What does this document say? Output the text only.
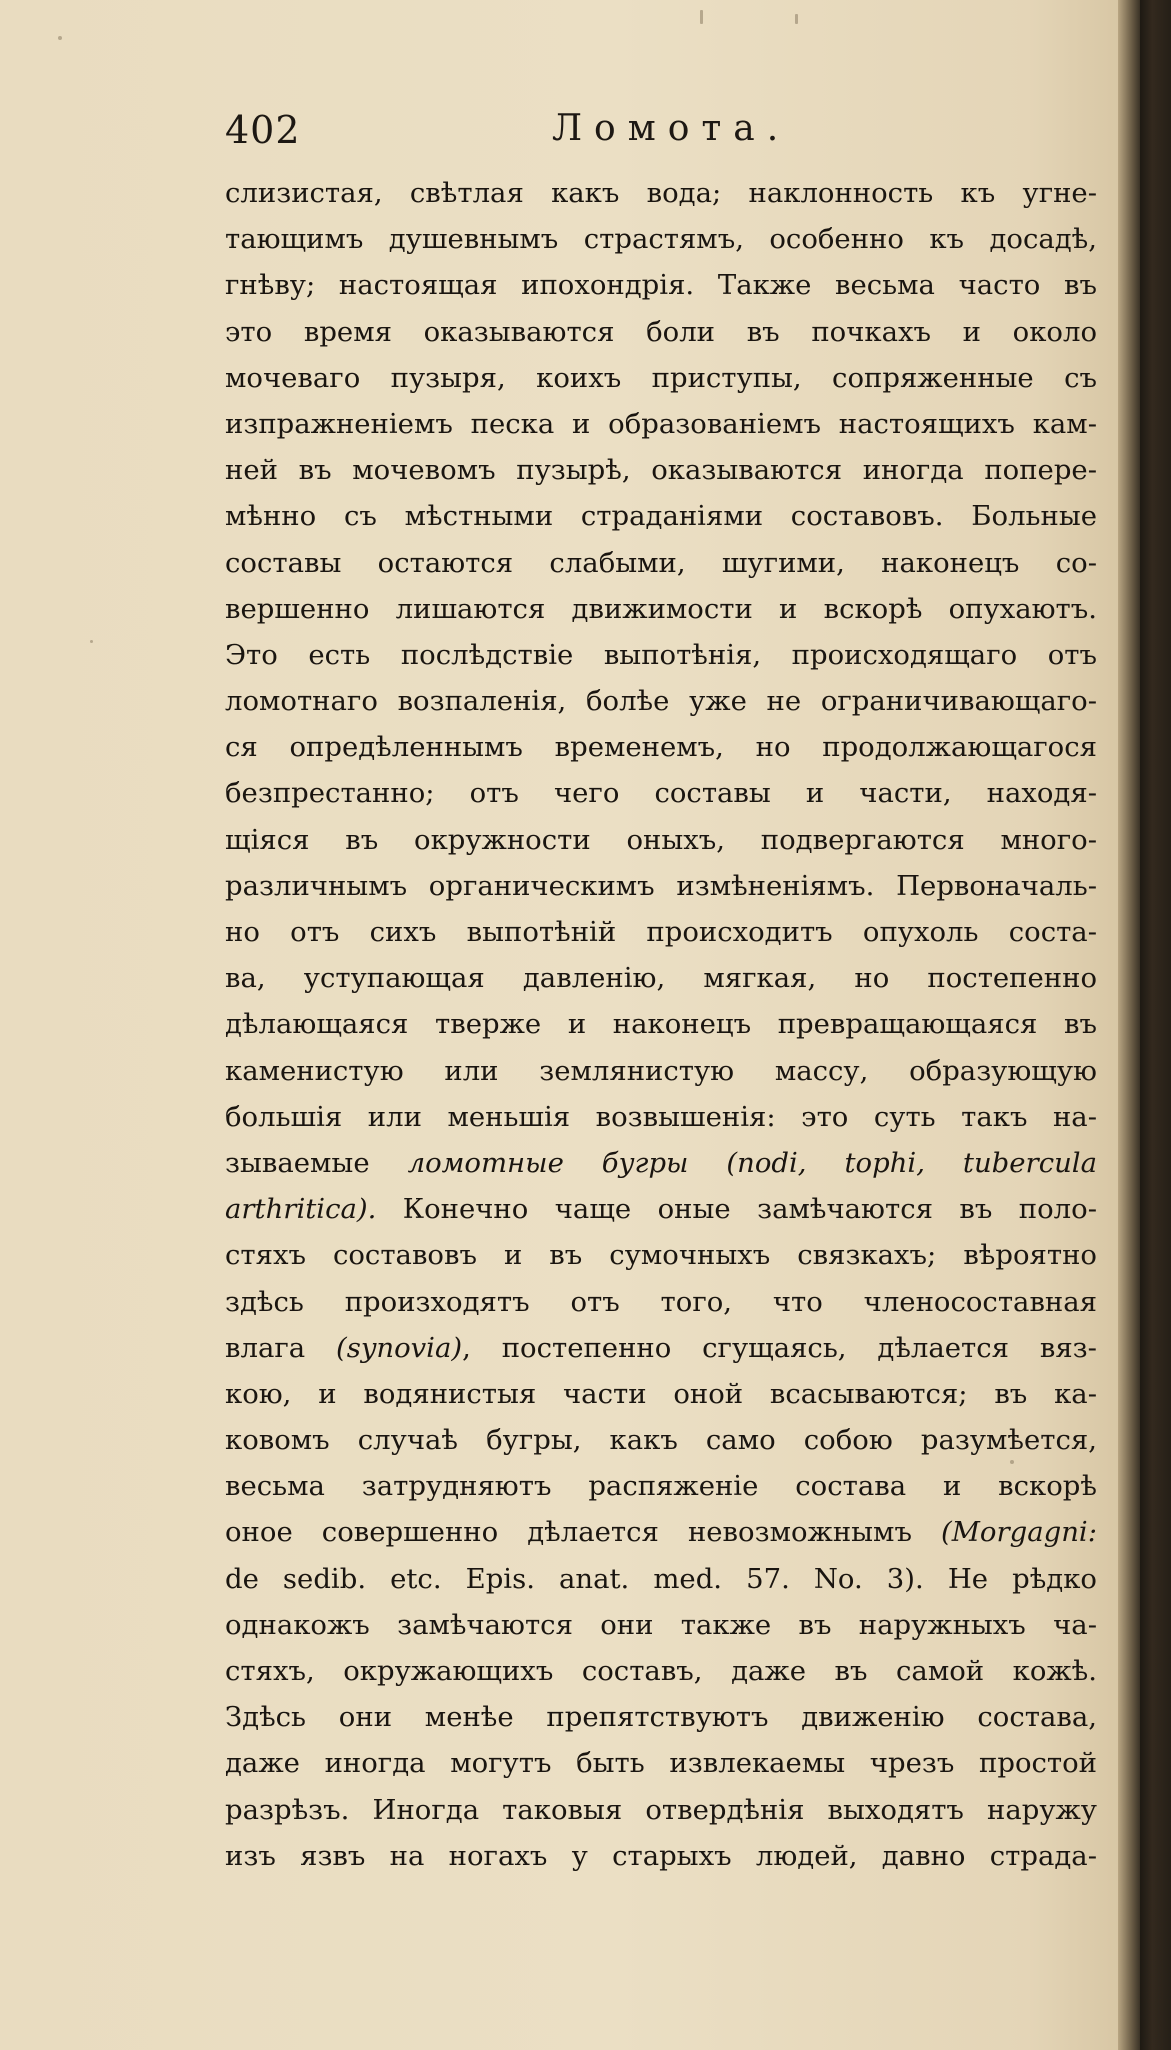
402	Ломота.
слизистая, свѣтлая какъ вода; наклонность къ угне-
тающимъ душевнымъ страстямъ, особенно къ досадѣ,
гнѣву; настоящая ипохондрія. Также весьма часто въ
это время оказываются боли въ почкахъ и около
мочеваго пузыря, коихъ приступы, сопряженные съ
изпражненіемъ песка и образованіемъ настоящихъ кам-
ней въ мочевомъ пузырѣ, оказываются иногда попере-
мѣнно съ мѣстными страданіями составовъ. Больные
составы остаются слабыми, шугими, наконецъ со-
вершенно лишаются движимости и вскорѣ опухаютъ.
Это есть послѣдствіе выпотѣнія, происходящаго отъ
ломотнаго возпаленія, болѣе уже не ограничивающаго-
ся опредѣленнымъ временемъ, но продолжающагося
безпрестанно; отъ чего составы и части, находя-
щіяся въ окружности оныхъ, подвергаются много-
различнымъ органическимъ измѣненіямъ. Первоначаль-
но отъ сихъ выпотѣній происходитъ опухоль соста-
ва, уступающая давленію, мягкая, но постепенно
дѣлающаяся тверже и наконецъ превращающаяся въ
каменистую или землянистую массу, образующую
большія или меньшія возвышенія: это суть такъ на-
зываемые ломотные бугры (nodi, tophi, tubercula
arthritica). Конечно чаще оные замѣчаются въ поло-
стяхъ составовъ и въ сумочныхъ связкахъ; вѣроятно
здѣсь произходятъ отъ того, что членосоставная
влага (synovia), постепенно сгущаясь, дѣлается вяз-
кою, и водянистыя части оной всасываются; въ ка-
ковомъ случаѣ бугры, какъ само собою разумѣется,
весьма затрудняютъ распяженіе состава и вскорѣ
оное совершенно дѣлается невозможнымъ (Morgagni:
de sedib. etc. Epis. anat. med. 57. No. 3). Не рѣдко
однакожъ замѣчаются они также въ наружныхъ ча-
стяхъ, окружающихъ составъ, даже въ самой кожѣ.
Здѣсь они менѣе препятствуютъ движенію состава,
даже иногда могутъ быть извлекаемы чрезъ простой
разрѣзъ. Иногда таковыя отвердѣнія выходятъ наружу
изъ язвъ на ногахъ у старыхъ людей, давно страда-
